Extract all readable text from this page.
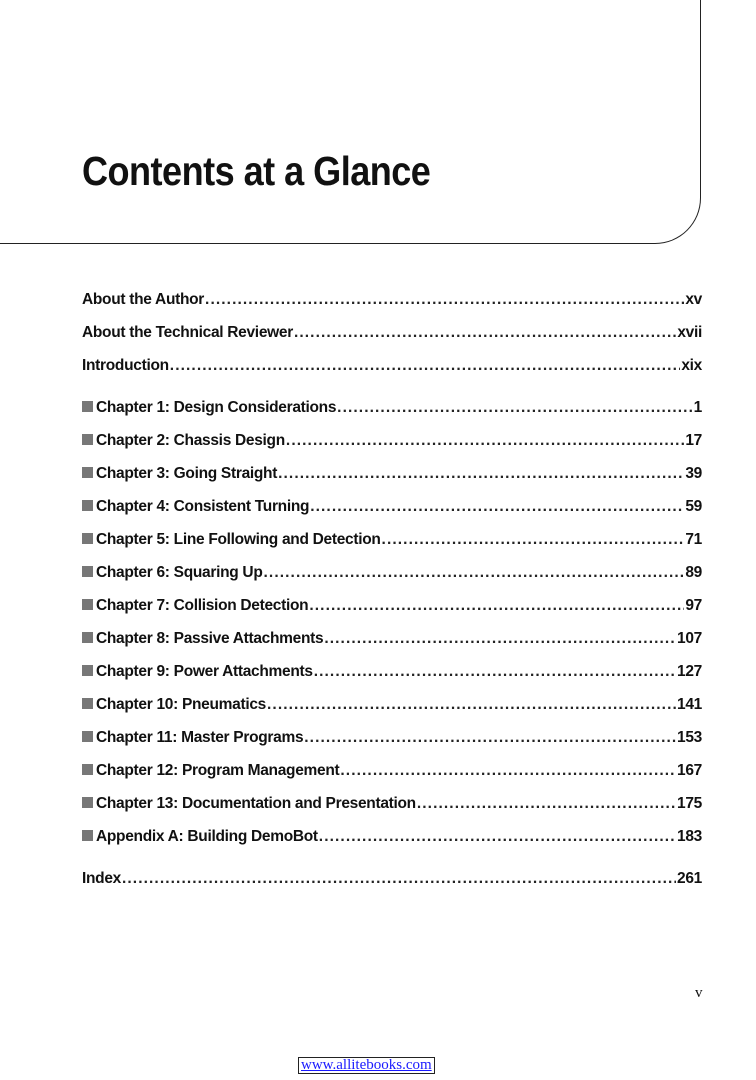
Contents at a Glance
About the Author .....	xv
About the Technical Reviewer .....	xvii
Introduction .....	xix
Chapter 1: Design Considerations .....	1
Chapter 2: Chassis Design .....	17
Chapter 3: Going Straight .....	39
Chapter 4: Consistent Turning .....	59
Chapter 5: Line Following and Detection .....	71
Chapter 6: Squaring Up .....	89
Chapter 7: Collision Detection .....	97
Chapter 8: Passive Attachments .....	107
Chapter 9: Power Attachments .....	127
Chapter 10: Pneumatics .....	141
Chapter 11: Master Programs .....	153
Chapter 12: Program Management .....	167
Chapter 13: Documentation and Presentation .....	175
Appendix A: Building DemoBot .....	183
Index .....	261
v
www.allitebooks.com
